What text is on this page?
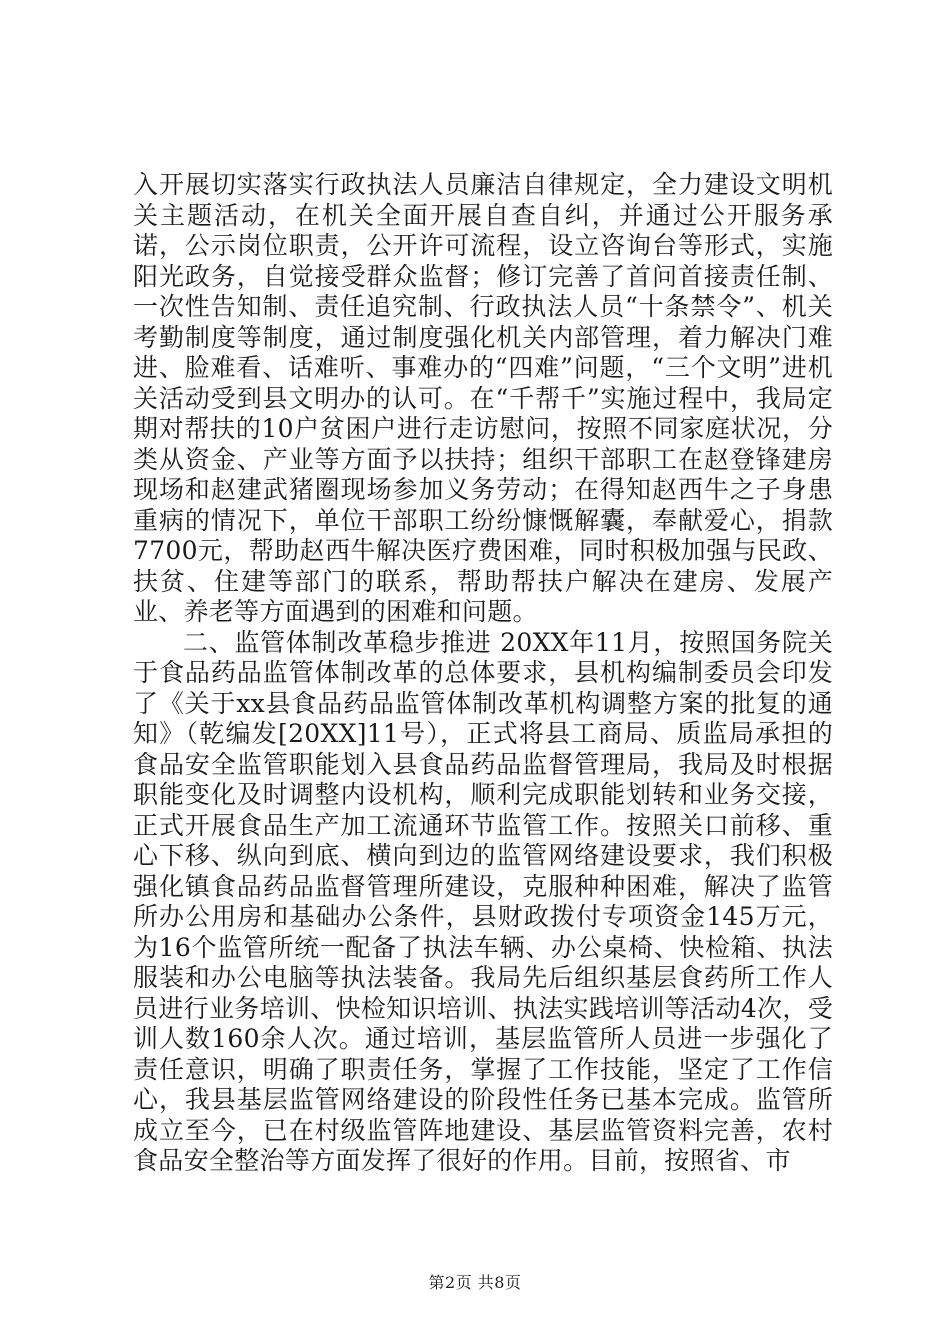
入开展切实落实行政执法人员廉洁自律规定，全力建设文明机关主题活动，在机关全面开展自查自纠，并通过公开服务承诺，公示岗位职责，公开许可流程，设立咨询台等形式，实施阳光政务，自觉接受群众监督；修订完善了首问首接责任制、一次性告知制、责任追究制、行政执法人员“十条禁令”、机关考勤制度等制度，通过制度强化机关内部管理，着力解决门难进、脸难看、话难听、事难办的“四难”问题，“三个文明”进机关活动受到县文明办的认可。在“千帮千”实施过程中，我局定期对帮扶的10户贫困户进行走访慰问，按照不同家庭状况，分类从资金、产业等方面予以扶持；组织干部职工在赵登锋建房现场和赵建武猪圈现场参加义务劳动；在得知赵西牛之子身患重病的情况下，单位干部职工纷纷慷慨解囊，奉献爱心，捐款7700元，帮助赵西牛解决医疗费困难，同时积极加强与民政、扶贫、住建等部门的联系，帮助帮扶户解决在建房、发展产业、养老等方面遇到的困难和问题。

二、监管体制改革稳步推进 20XX年11月，按照国务院关于食品药品监管体制改革的总体要求，县机构编制委员会印发了《关于xx县食品药品监管体制改革机构调整方案的批复的通知》（乾编发[20XX]11号），正式将县工商局、质监局承担的食品安全监管职能划入县食品药品监督管理局，我局及时根据职能变化及时调整内设机构，顺利完成职能划转和业务交接，正式开展食品生产加工流通环节监管工作。按照关口前移、重心下移、纵向到底、横向到边的监管网络建设要求，我们积极强化镇食品药品监督管理所建设，克服种种困难，解决了监管所办公用房和基础办公条件，县财政拨付专项资金145万元，为16个监管所统一配备了执法车辆、办公桌椅、快检箱、执法服装和办公电脑等执法装备。我局先后组织基层食药所工作人员进行业务培训、快检知识培训、执法实践培训等活动4次，受训人数160余人次。通过培训，基层监管所人员进一步强化了责任意识，明确了职责任务，掌握了工作技能，坚定了工作信心，我县基层监管网络建设的阶段性任务已基本完成。监管所成立至今，已在村级监管阵地建设、基层监管资料完善，农村食品安全整治等方面发挥了很好的作用。目前，按照省、市

第2页 共8页
